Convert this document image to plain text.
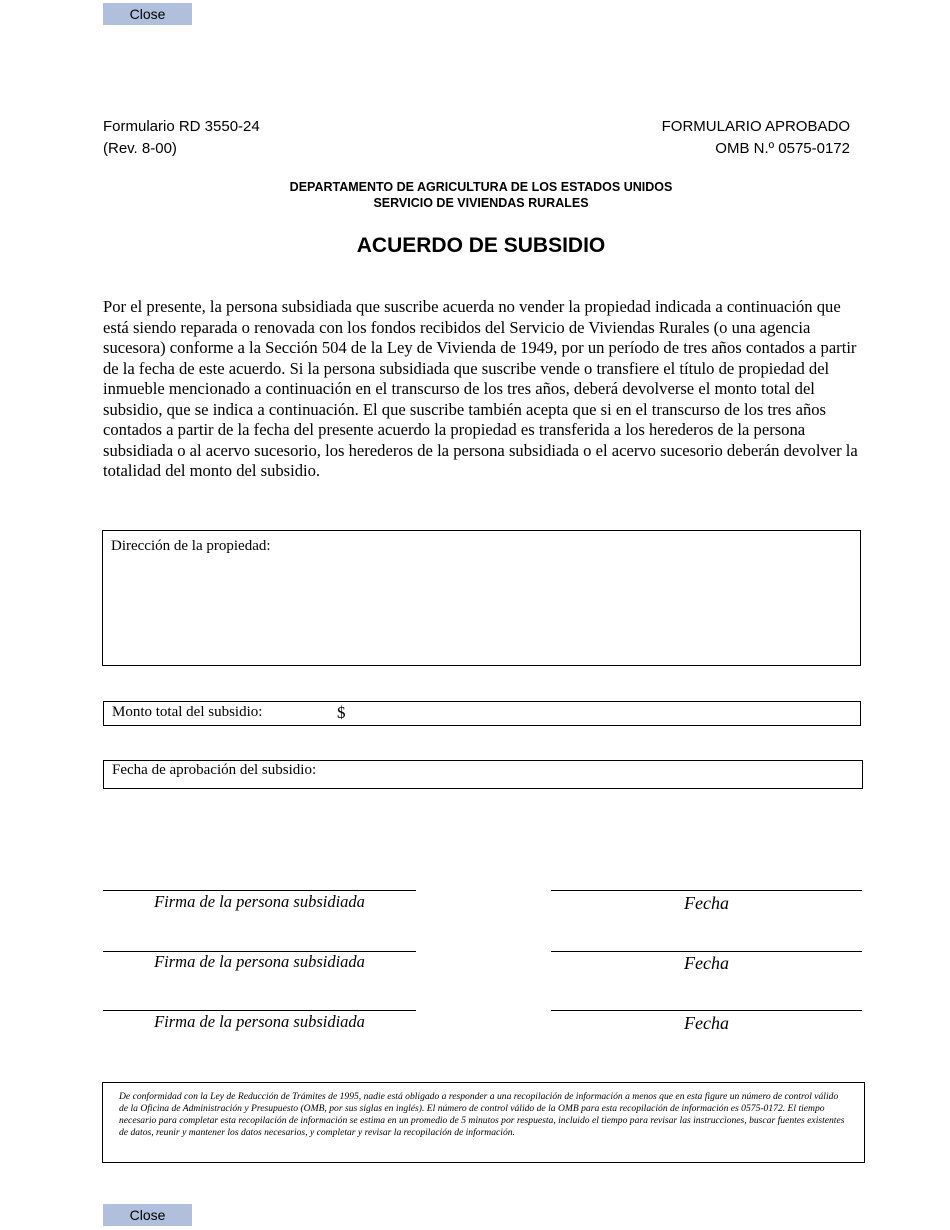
Close
Formulario RD 3550-24
(Rev. 8-00)
FORMULARIO APROBADO
OMB N.º 0575-0172
DEPARTAMENTO DE AGRICULTURA DE LOS ESTADOS UNIDOS
SERVICIO DE VIVIENDAS RURALES
ACUERDO DE SUBSIDIO

Por el presente, la persona subsidiada que suscribe acuerda no vender la propiedad indicada a continuación que está siendo reparada o renovada con los fondos recibidos del Servicio de Viviendas Rurales (o una agencia sucesora) conforme a la Sección 504 de la Ley de Vivienda de 1949, por un período de tres años contados a partir de la fecha de este acuerdo. Si la persona subsidiada que suscribe vende o transfiere el título de propiedad del inmueble mencionado a continuación en el transcurso de los tres años, deberá devolverse el monto total del subsidio, que se indica a continuación. El que suscribe también acepta que si en el transcurso de los tres años contados a partir de la fecha del presente acuerdo la propiedad es transferida a los herederos de la persona subsidiada o al acervo sucesorio, los herederos de la persona subsidiada o el acervo sucesorio deberán devolver la totalidad del monto del subsidio.

Dirección de la propiedad:
Monto total del subsidio:	$
Fecha de aprobación del subsidio:
Firma de la persona subsidiada	Fecha
Firma de la persona subsidiada	Fecha
Firma de la persona subsidiada	Fecha
De conformidad con la Ley de Reducción de Trámites de 1995, nadie está obligado a responder a una recopilación de información a menos que en esta figure un número de control válido de la Oficina de Administración y Presupuesto (OMB, por sus siglas en inglés). El número de control válido de la OMB para esta recopilación de información es 0575-0172. El tiempo necesario para completar esta recopilación de información se estima en un promedio de 5 minutos por respuesta, incluido el tiempo para revisar las instrucciones, buscar fuentes existentes de datos, reunir y mantener los datos necesarios, y completar y revisar la recopilación de información.
Close
